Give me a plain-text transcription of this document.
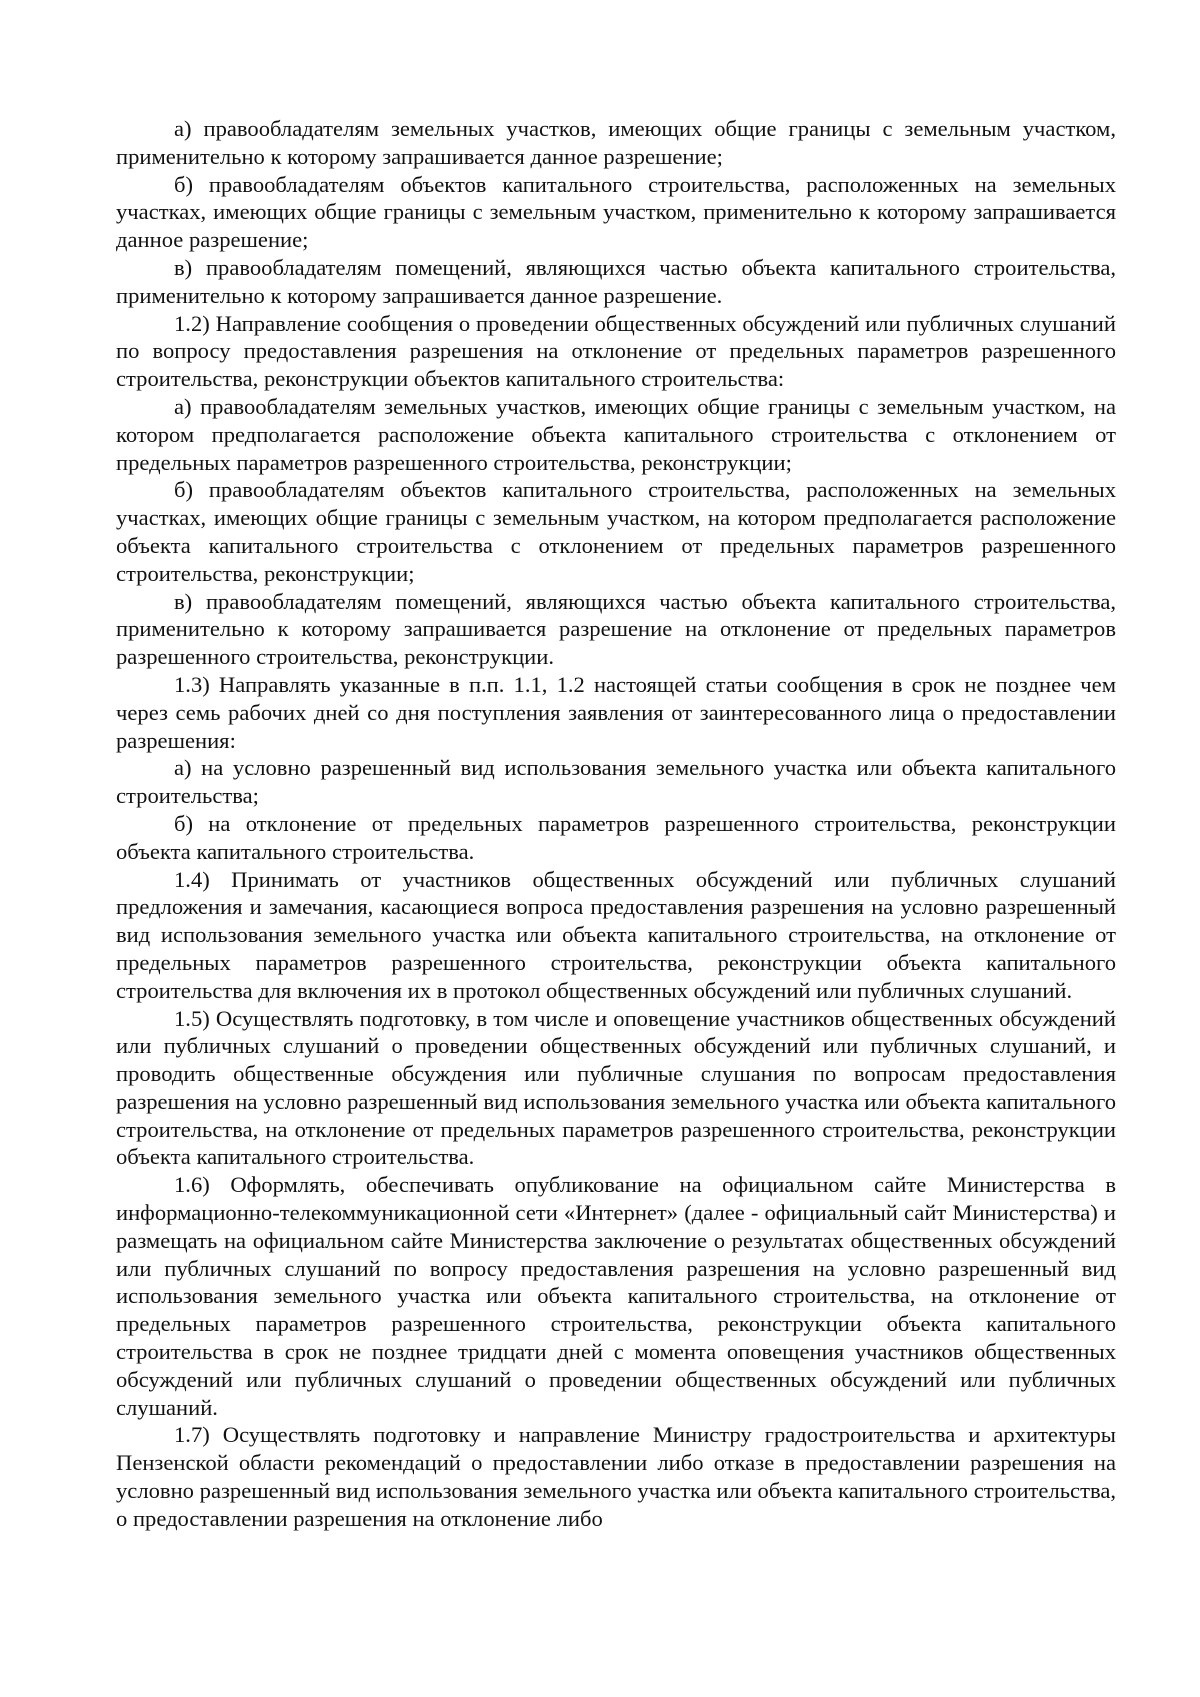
а) правообладателям земельных участков, имеющих общие границы с земельным участком, применительно к которому запрашивается данное разрешение;

б) правообладателям объектов капитального строительства, расположенных на земельных участках, имеющих общие границы с земельным участком, применительно к которому запрашивается данное разрешение;

в) правообладателям помещений, являющихся частью объекта капитального строительства, применительно к которому запрашивается данное разрешение.

1.2) Направление сообщения о проведении общественных обсуждений или публичных слушаний по вопросу предоставления разрешения на отклонение от предельных параметров разрешенного строительства, реконструкции объектов капитального строительства:

а) правообладателям земельных участков, имеющих общие границы с земельным участком, на котором предполагается расположение объекта капитального строительства с отклонением от предельных параметров разрешенного строительства, реконструкции;

б) правообладателям объектов капитального строительства, расположенных на земельных участках, имеющих общие границы с земельным участком, на котором предполагается расположение объекта капитального строительства с отклонением от предельных параметров разрешенного строительства, реконструкции;

в) правообладателям помещений, являющихся частью объекта капитального строительства, применительно к которому запрашивается разрешение на отклонение от предельных параметров разрешенного строительства, реконструкции.

1.3) Направлять указанные в п.п. 1.1, 1.2 настоящей статьи сообщения в срок не позднее чем через семь рабочих дней со дня поступления заявления от заинтересованного лица о предоставлении разрешения:

а) на условно разрешенный вид использования земельного участка или объекта капитального строительства;

б) на отклонение от предельных параметров разрешенного строительства, реконструкции объекта капитального строительства.

1.4) Принимать от участников общественных обсуждений или публичных слушаний предложения и замечания, касающиеся вопроса предоставления разрешения на условно разрешенный вид использования земельного участка или объекта капитального строительства, на отклонение от предельных параметров разрешенного строительства, реконструкции объекта капитального строительства для включения их в протокол общественных обсуждений или публичных слушаний.

1.5) Осуществлять подготовку, в том числе и оповещение участников общественных обсуждений или публичных слушаний о проведении общественных обсуждений или публичных слушаний, и проводить общественные обсуждения или публичные слушания по вопросам предоставления разрешения на условно разрешенный вид использования земельного участка или объекта капитального строительства, на отклонение от предельных параметров разрешенного строительства, реконструкции объекта капитального строительства.

1.6) Оформлять, обеспечивать опубликование на официальном сайте Министерства в информационно-телекоммуникационной сети «Интернет» (далее - официальный сайт Министерства) и размещать на официальном сайте Министерства заключение о результатах общественных обсуждений или публичных слушаний по вопросу предоставления разрешения на условно разрешенный вид использования земельного участка или объекта капитального строительства, на отклонение от предельных параметров разрешенного строительства, реконструкции объекта капитального строительства в срок не позднее тридцати дней с момента оповещения участников общественных обсуждений или публичных слушаний о проведении общественных обсуждений или публичных слушаний.

1.7) Осуществлять подготовку и направление Министру градостроительства и архитектуры Пензенской области рекомендаций о предоставлении либо отказе в предоставлении разрешения на условно разрешенный вид использования земельного участка или объекта капитального строительства, о предоставлении разрешения на отклонение либо
